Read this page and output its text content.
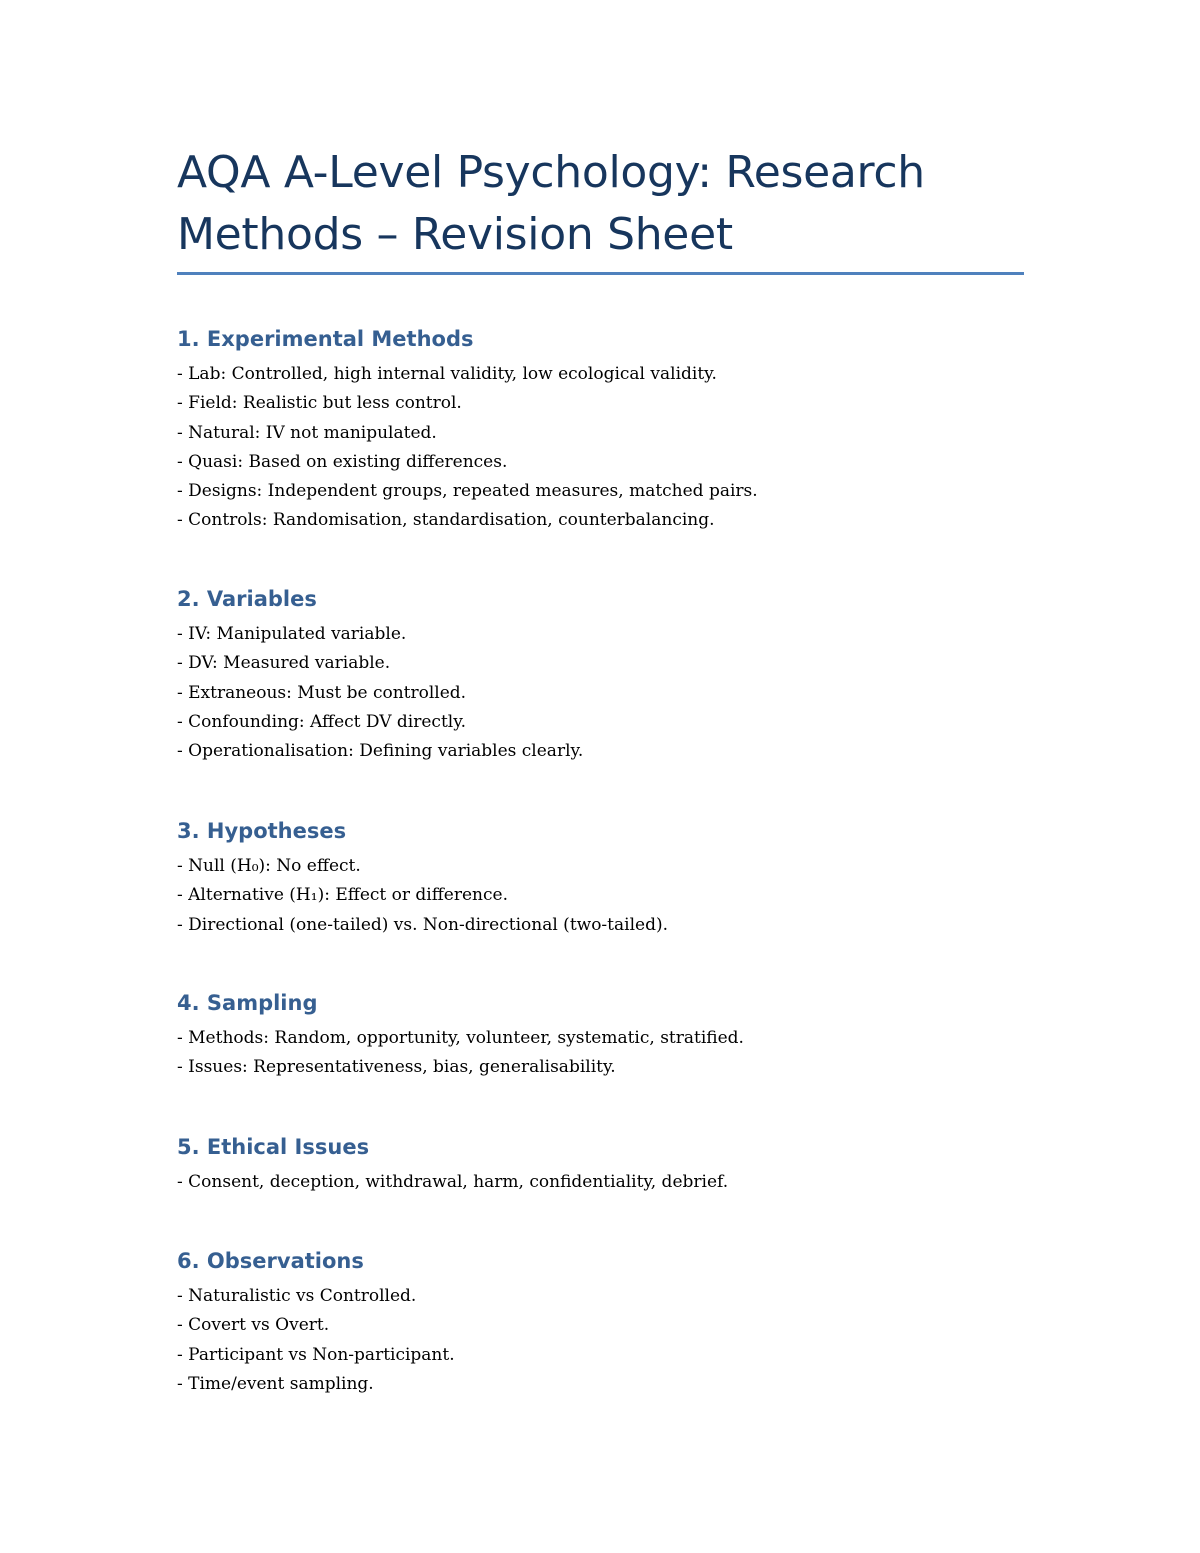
AQA A-Level Psychology: Research Methods – Revision Sheet
1. Experimental Methods
- Lab: Controlled, high internal validity, low ecological validity.
- Field: Realistic but less control.
- Natural: IV not manipulated.
- Quasi: Based on existing differences.
- Designs: Independent groups, repeated measures, matched pairs.
- Controls: Randomisation, standardisation, counterbalancing.
2. Variables
- IV: Manipulated variable.
- DV: Measured variable.
- Extraneous: Must be controlled.
- Confounding: Affect DV directly.
- Operationalisation: Defining variables clearly.
3. Hypotheses
- Null (H₀): No effect.
- Alternative (H₁): Effect or difference.
- Directional (one-tailed) vs. Non-directional (two-tailed).
4. Sampling
- Methods: Random, opportunity, volunteer, systematic, stratified.
- Issues: Representativeness, bias, generalisability.
5. Ethical Issues
- Consent, deception, withdrawal, harm, confidentiality, debrief.
6. Observations
- Naturalistic vs Controlled.
- Covert vs Overt.
- Participant vs Non-participant.
- Time/event sampling.
